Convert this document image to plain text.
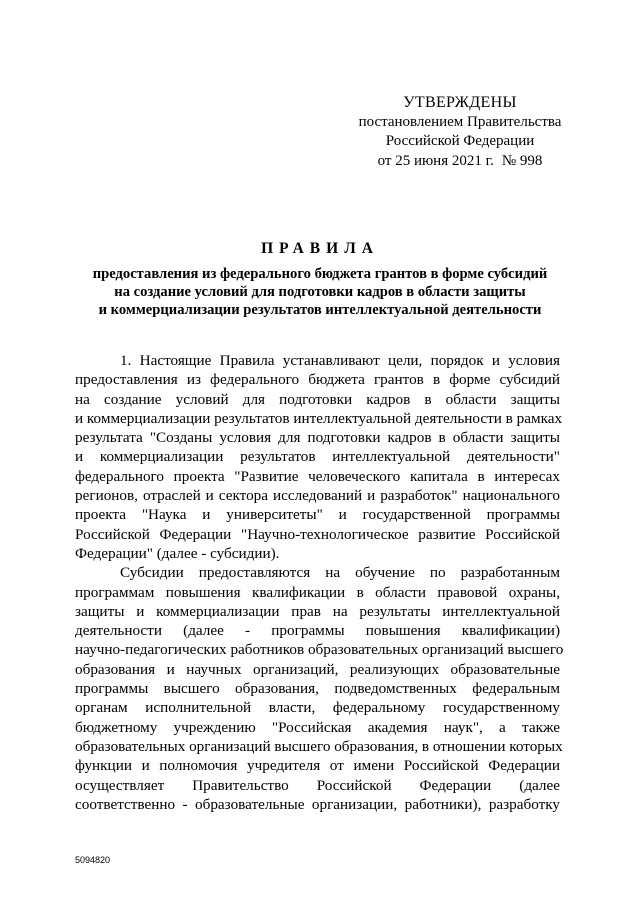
УТВЕРЖДЕНЫ
постановлением Правительства
Российской Федерации
от 25 июня 2021 г. № 998
ПРАВИЛА
предоставления из федерального бюджета грантов в форме субсидий
на создание условий для подготовки кадров в области защиты
и коммерциализации результатов интеллектуальной деятельности
1. Настоящие Правила устанавливают цели, порядок и условия
предоставления из федерального бюджета грантов в форме субсидий
на создание условий для подготовки кадров в области защиты
и коммерциализации результатов интеллектуальной деятельности в рамках
результата "Созданы условия для подготовки кадров в области защиты
и коммерциализации результатов интеллектуальной деятельности"
федерального проекта "Развитие человеческого капитала в интересах
регионов, отраслей и сектора исследований и разработок" национального
проекта "Наука и университеты" и государственной программы
Российской Федерации "Научно-технологическое развитие Российской
Федерации" (далее - субсидии).
Субсидии предоставляются на обучение по разработанным
программам повышения квалификации в области правовой охраны,
защиты и коммерциализации прав на результаты интеллектуальной
деятельности (далее - программы повышения квалификации)
научно-педагогических работников образовательных организаций высшего
образования и научных организаций, реализующих образовательные
программы высшего образования, подведомственных федеральным
органам исполнительной власти, федеральному государственному
бюджетному учреждению "Российская академия наук", а также
образовательных организаций высшего образования, в отношении которых
функции и полномочия учредителя от имени Российской Федерации
осуществляет Правительство Российской Федерации (далее
соответственно - образовательные организации, работники), разработку
5094820
